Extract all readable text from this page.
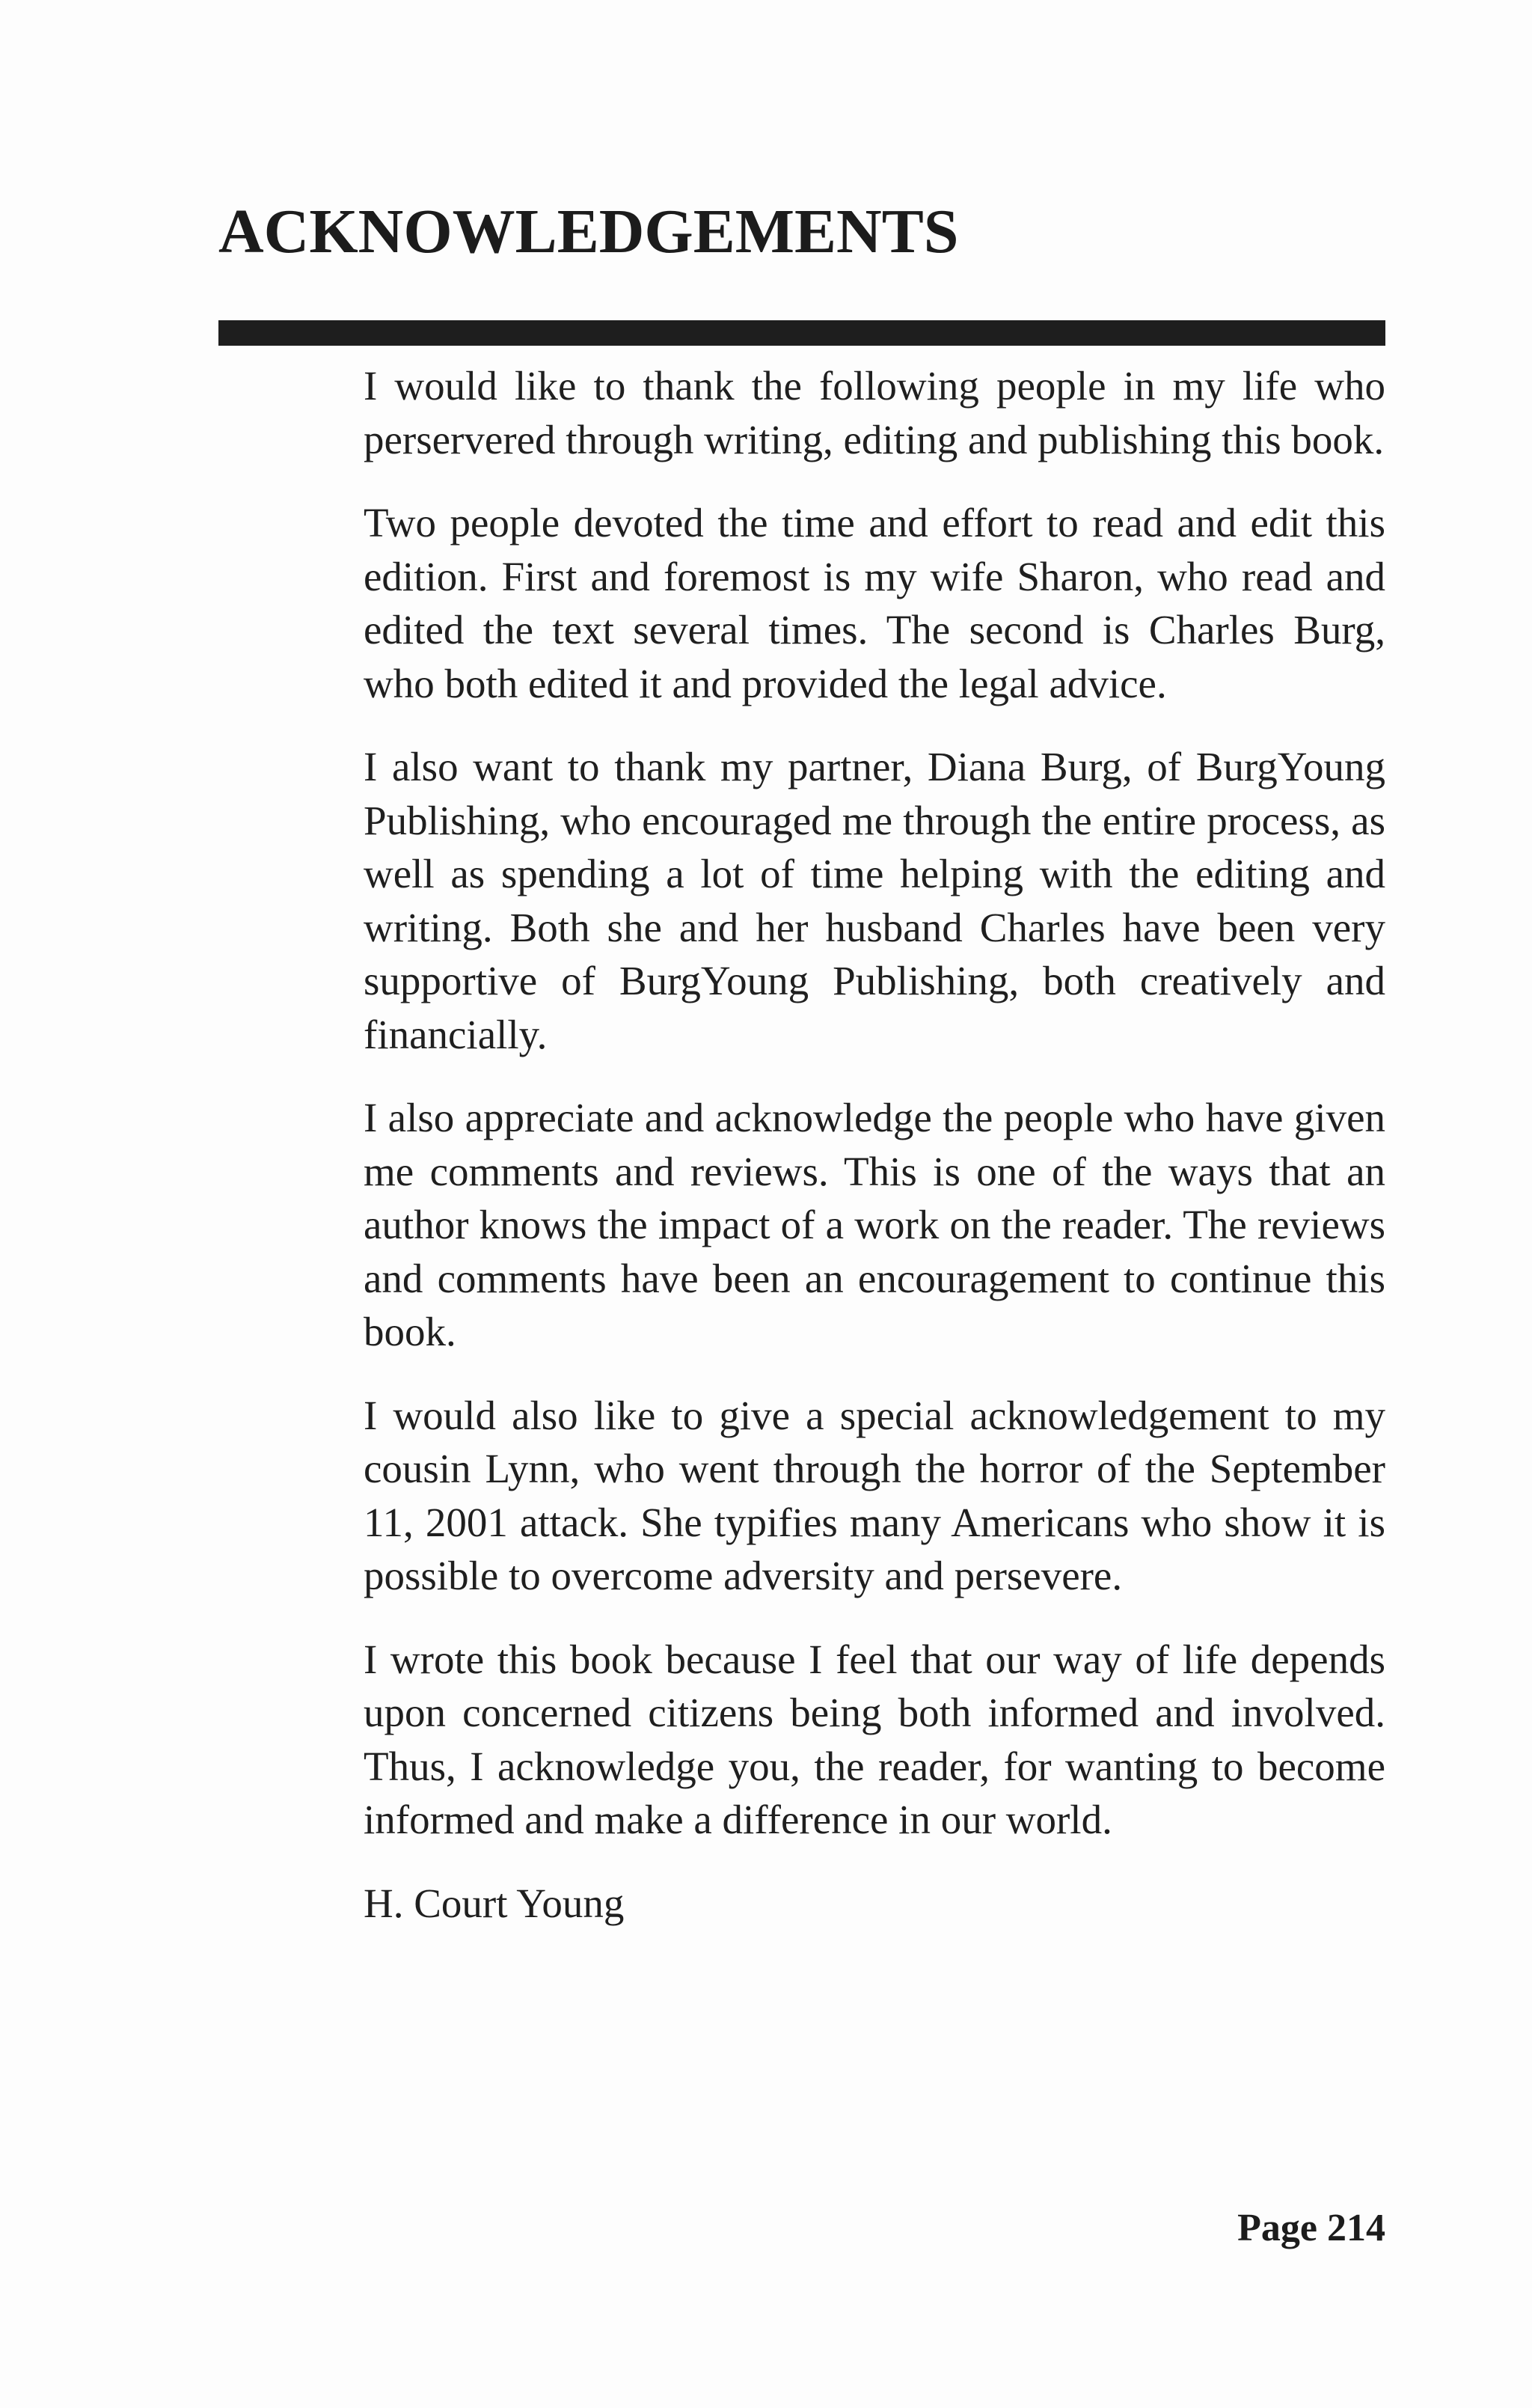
ACKNOWLEDGEMENTS

I would like to thank the following people in my life who perservered through writing, editing and publishing this book.

Two people devoted the time and effort to read and edit this edition. First and foremost is my wife Sharon, who read and edited the text several times. The second is Charles Burg, who both edited it and provided the legal advice.

I also want to thank my partner, Diana Burg, of BurgYoung Publishing, who encouraged me through the entire process, as well as spending a lot of time helping with the editing and writing. Both she and her husband Charles have been very supportive of BurgYoung Publishing, both creatively and financially.

I also appreciate and acknowledge the people who have given me comments and reviews. This is one of the ways that an author knows the impact of a work on the reader. The reviews and comments have been an encouragement to continue this book.

I would also like to give a special acknowledgement to my cousin Lynn, who went through the horror of the September 11, 2001 attack. She typifies many Americans who show it is possible to overcome adversity and persevere.

I wrote this book because I feel that our way of life depends upon concerned citizens being both informed and involved. Thus, I acknowledge you, the reader, for wanting to become informed and make a difference in our world.

H. Court Young

Page 214
